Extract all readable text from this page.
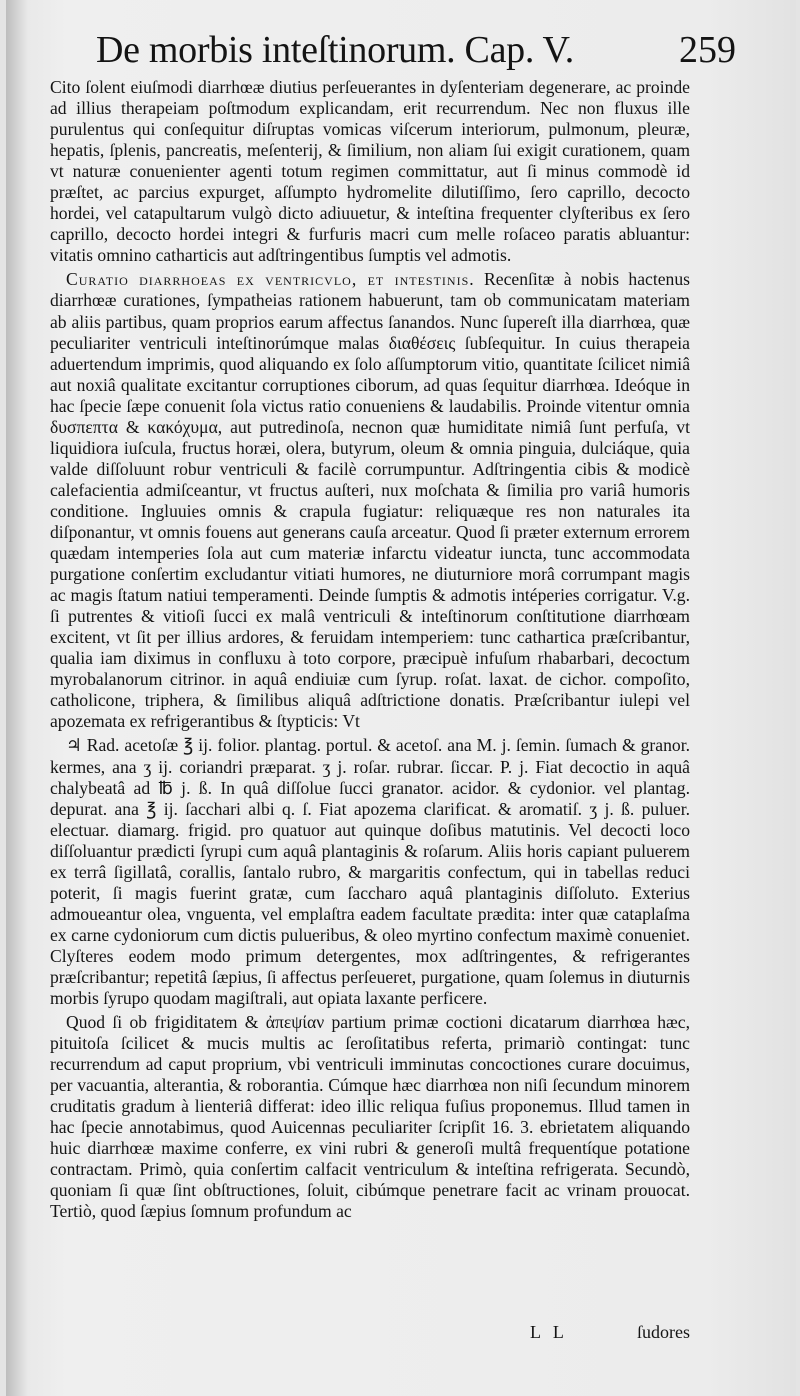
De morbis inteſtinorum. Cap. V.	259

Cito ſolent eiuſmodi diarrhœæ diutius perſeuerantes in dyſenteriam degenerare, ac proinde ad illius therapeiam poſtmodum explicandam, erit recurrendum. Nec non fluxus ille purulentus qui conſequitur diſruptas vomicas viſcerum interiorum, pulmonum, pleuræ, hepatis, ſplenis, pancreatis, meſenterij, & ſimilium, non aliam ſui exigit curationem, quam vt naturæ conuenienter agenti totum regimen committatur, aut ſi minus commodè id præſtet, ac parcius expurget, aſſumpto hydromelite dilutiſſimo, ſero caprillo, decocto hordei, vel catapultarum vulgò dicto adiuuetur, & inteſtina frequenter clyſteribus ex ſero caprillo, decocto hordei integri & furfuris macri cum melle roſaceo paratis abluantur: vitatis omnino catharticis aut adſtringentibus ſumptis vel admotis.

Curatio diarrhoeas ex ventricvlo, et intestinis. Recenſitæ à nobis hactenus diarrhœæ curationes, ſympatheias rationem habuerunt, tam ob communicatam materiam ab aliis partibus, quam proprios earum affectus ſanandos. Nunc ſupereſt illa diarrhœa, quæ peculiariter ventriculi inteſtinorúmque malas διαθέσεις ſubſequitur. In cuius therapeia aduertendum imprimis, quod aliquando ex ſolo aſſumptorum vitio, quantitate ſcilicet nimiâ aut noxiâ qualitate excitantur corruptiones ciborum, ad quas ſequitur diarrhœa. Ideóque in hac ſpecie ſæpe conuenit ſola victus ratio conueniens & laudabilis. Proinde vitentur omnia δυσπεπτα & κακόχυμα, aut putredinoſa, necnon quæ humiditate nimiâ ſunt perfuſa, vt liquidiora iuſcula, fructus horæi, olera, butyrum, oleum & omnia pinguia, dulciáque, quia valde diſſoluunt robur ventriculi & facilè corrumpuntur. Adſtringentia cibis & modicè calefacientia admiſceantur, vt fructus auſteri, nux moſchata & ſimilia pro variâ humoris conditione. Ingluuies omnis & crapula fugiatur: reliquæque res non naturales ita diſponantur, vt omnis fouens aut generans cauſa arceatur. Quod ſi præter externum errorem quædam intemperies ſola aut cum materiæ infarctu videatur iuncta, tunc accommodata purgatione conſertim excludantur vitiati humores, ne diuturniore morâ corrumpant magis ac magis ſtatum natiui temperamenti. Deinde ſumptis & admotis intéperies corrigatur. V.g. ſi putrentes & vitioſi ſucci ex malâ ventriculi & inteſtinorum conſtitutione diarrhœam excitent, vt ſit per illius ardores, & feruidam intemperiem: tunc cathartica præſcribantur, qualia iam diximus in confluxu à toto corpore, præcipuè infuſum rhabarbari, decoctum myrobalanorum citrinor. in aquâ endiuiæ cum ſyrup. roſat. laxat. de cichor. compoſito, catholicone, triphera, & ſimilibus aliquâ adſtrictione donatis. Præſcribantur iulepi vel apozemata ex refrigerantibus & ſtypticis: Vt

♃ Rad. acetoſæ ℥ ij. folior. plantag. portul. & acetoſ. ana M. j. ſemin. ſumach & granor. kermes, ana ʒ ij. coriandri præparat. ʒ j. roſar. rubrar. ſiccar. P. j. Fiat decoctio in aquâ chalybeatâ ad ℔ j. ß. In quâ diſſolue ſucci granator. acidor. & cydonior. vel plantag. depurat. ana ℥ ij. ſacchari albi q. ſ. Fiat apozema clarificat. & aromatiſ. ʒ j. ß. puluer. electuar. diamarg. frigid. pro quatuor aut quinque doſibus matutinis. Vel decocti loco diſſoluantur prædicti ſyrupi cum aquâ plantaginis & roſarum. Aliis horis capiant puluerem ex terrâ ſigillatâ, corallis, ſantalo rubro, & margaritis confectum, qui in tabellas reduci poterit, ſi magis fuerint gratæ, cum ſaccharo aquâ plantaginis diſſoluto. Exterius admoueantur olea, vnguenta, vel emplaſtra eadem facultate prædita: inter quæ cataplaſma ex carne cydoniorum cum dictis pulueribus, & oleo myrtino confectum maximè conueniet. Clyſteres eodem modo primum detergentes, mox adſtringentes, & refrigerantes præſcribantur; repetitâ ſæpius, ſi affectus perſeueret, purgatione, quam ſolemus in diuturnis morbis ſyrupo quodam magiſtrali, aut opiata laxante perficere.

Quod ſi ob frigiditatem & ἀπεψίαν partium primæ coctioni dicatarum diarrhœa hæc, pituitoſa ſcilicet & mucis multis ac ſeroſitatibus referta, primariò contingat: tunc recurrendum ad caput proprium, vbi ventriculi imminutas concoctiones curare docuimus, per vacuantia, alterantia, & roborantia. Cúmque hæc diarrhœa non niſi ſecundum minorem cruditatis gradum à lienteriâ differat: ideo illic reliqua fuſius proponemus. Illud tamen in hac ſpecie annotabimus, quod Auicennas peculiariter ſcripſit 16. 3. ebrietatem aliquando huic diarrhœæ maxime conferre, ex vini rubri & generoſi multâ frequentíque potatione contractam. Primò, quia conſertim calfacit ventriculum & inteſtina refrigerata. Secundò, quoniam ſi quæ ſint obſtructiones, ſoluit, cibúmque penetrare facit ac vrinam prouocat. Tertiò, quod ſæpius ſomnum profundum ac

L L	ſudores
